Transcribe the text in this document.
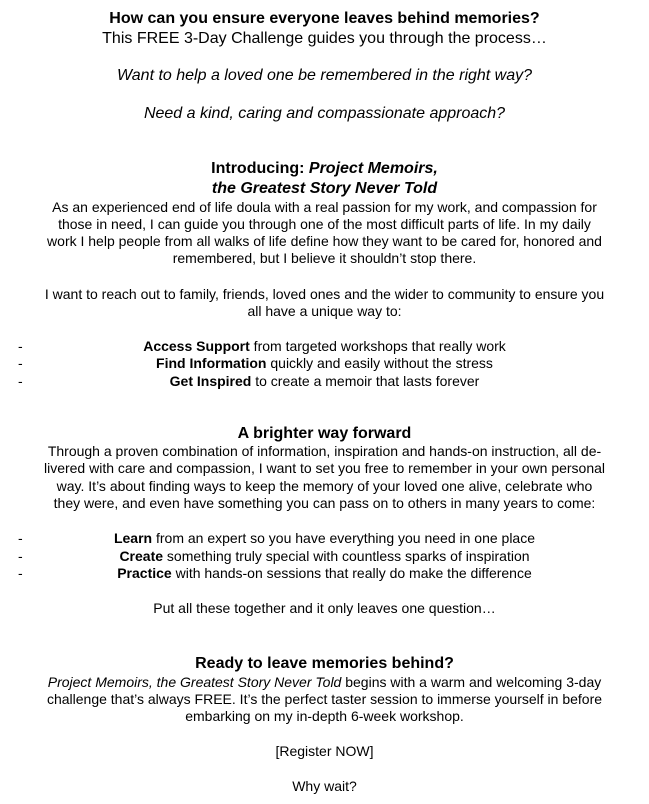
How can you ensure everyone leaves behind memories?
This FREE 3-Day Challenge guides you through the process…
Want to help a loved one be remembered in the right way?
Need a kind, caring and compassionate approach?
Introducing: Project Memoirs,
the Greatest Story Never Told
As an experienced end of life doula with a real passion for my work, and compassion for
those in need, I can guide you through one of the most difficult parts of life. In my daily
work I help people from all walks of life define how they want to be cared for, honored and
remembered, but I believe it shouldn’t stop there.
I want to reach out to family, friends, loved ones and the wider to community to ensure you
all have a unique way to:
-	Access Support from targeted workshops that really work
-	Find Information quickly and easily without the stress
-	Get Inspired to create a memoir that lasts forever
A brighter way forward
Through a proven combination of information, inspiration and hands-on instruction, all de-
livered with care and compassion, I want to set you free to remember in your own personal
way. It’s about finding ways to keep the memory of your loved one alive, celebrate who
they were, and even have something you can pass on to others in many years to come:
-	Learn from an expert so you have everything you need in one place
-	Create something truly special with countless sparks of inspiration
-	Practice with hands-on sessions that really do make the difference
Put all these together and it only leaves one question…
Ready to leave memories behind?
Project Memoirs, the Greatest Story Never Told begins with a warm and welcoming 3-day
challenge that’s always FREE. It’s the perfect taster session to immerse yourself in before
embarking on my in-depth 6-week workshop.
[Register NOW]
Why wait?
